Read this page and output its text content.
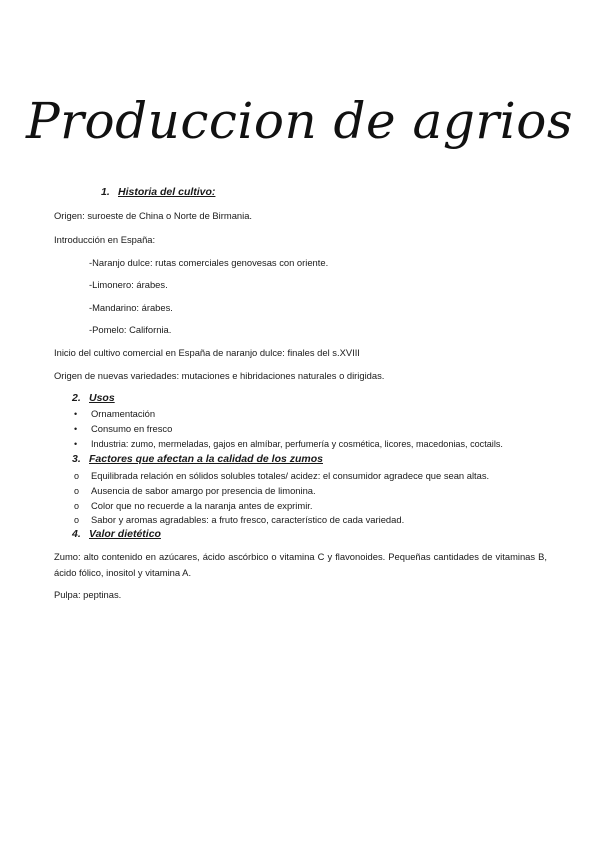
Produccion de agrios
1. Historia del cultivo:
Origen: suroeste de China o Norte de Birmania.
Introducción en España:
-Naranjo dulce: rutas comerciales genovesas con oriente.
-Limonero: árabes.
-Mandarino: árabes.
-Pomelo: California.
Inicio del cultivo comercial en España de naranjo dulce: finales del s.XVIII
Origen de nuevas variedades: mutaciones e hibridaciones naturales o dirigidas.
2. Usos
• Ornamentación
• Consumo en fresco
• Industria: zumo, mermeladas, gajos en almíbar, perfumería y cosmética, licores, macedonias, coctails.
3. Factores que afectan a la calidad de los zumos
o Equilibrada relación en sólidos solubles totales/ acidez: el consumidor agradece que sean altas.
o Ausencia de sabor amargo por presencia de limonina.
o Color que no recuerde a la naranja antes de exprimir.
o Sabor y aromas agradables: a fruto fresco, característico de cada variedad.
4. Valor dietético
Zumo: alto contenido en azúcares, ácido ascórbico o vitamina C y flavonoides. Pequeñas cantidades de vitaminas B, ácido fólico, inositol y vitamina A.
Pulpa: peptinas.
